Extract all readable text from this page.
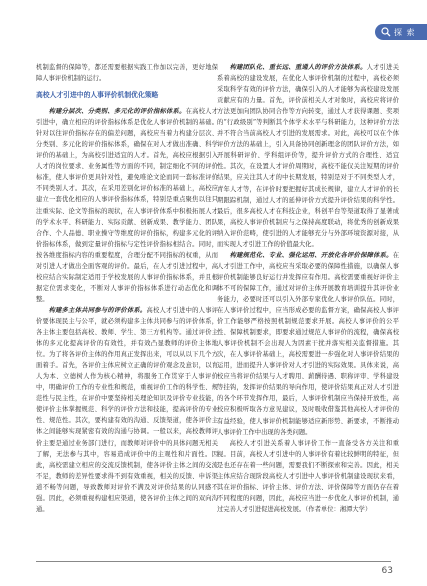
探 索

机制监督的保障等，都还需要根据实践工作加以完善，更好地保障人事评价机制的运行。

高校人才引进中的人事评价机制优化策略

构建分层次、分类别、多元化的评价指标体系。在高校人才引进中，确立相应的评价指标体系是优化人事评价机制的基础。针对以往评价指标存在的偏差问题，高校应当着力构建分层次、分类别、多元化的评价指标体系，确保在对人才做出准确、科学评价的基础上，为高校引进适宜的人才。首先，高校应根据引入人才的岗位要求、业务属性等方面的不同，制定细化不同的评价标准，使人事评价更具针对性，避免唯论文论而同一套标准评价不同类别人才。其次，在采用差别化评价标准的基础上，高校应建立一套优化相应的人事评价指标体系，特别是重点聚焦以往只注重实际、论文等指标的现状，在人事评价体系中积极拓展人才的学术水平、科研能力、实际贡献、创新成果、教学能力、团队合作、个人品德、职业操守等维度的评价指标，构建多元化的评价指标体系，做到定量评价指标与定性评价指标相结合。同时，按各维度指标内容的重要程度，合理分配不同指标的权重，从而对引进人才做出全面客观的评价。最后，在人才引进过程中，高校应结合实际制定适用于学校发展的人事评价指标体系，并且根据定位需求变化，不断对人事评价指标体系进行动态优化和调整。

构建多主体共同参与的评价体系。高校人才引进中的人事评价要体现民主与公平，就必须构建多主体共同参与的评价体系，各主体主要包括高校、教师、学生、第三方机构等。通过评价主体的多元化提高评价的有效性，并有效凸显教师的评价主体地位。为了将各评价主体的作用真正发挥出来，可以从以下几个方面着手。首先，各评价主体应树立正确的评价观念及意识，以育人为本、立德树人作为核心精神，将服务工作贯穿于人事评价中，明确评价工作的专业性和规范，重视评价工作的科学性、规范性与民主性，在评价中要坚持相关理论知识及评价专业技能，使评价主体掌握规范、科学的评价方法和技能，提高评价的专业性、规范性。其次，要构建有效的沟通、反馈渠道，使各评价主体之间能够实现紧密有效的沟通与协调。一般以来，高校教师评价主要是通过业务部门进行，而教师对评价中的具体问题无相关了解，无法参与其中，容易造成评价中的主观性和片面性。因此，高校需建立相应的交流反馈机制，使各评价主体之间的交流不足，教师的差异性要求得不到有效重视，相关的反馈、申诉渠道不畅等问题，导致教师对评价不满及对评价结果的认同感不强。因此，必须重视构建相应渠道，使各评价主体之间的双向沟通。

构建团队化、重长远、重通人的评价方法体系。人才引进关系着高校的建设发展，在优化人事评价机制的过程中，高校必须采取科学有效的评价方法，确保引入的人才能够为高校建设发展贡献应有的力量。首先，评价前相关人才对象时，高校应将评价方法更加向团队协同合作等方向转变，通过人才获得课题、奖项的“行政级别”等判断其个体学术水平与科研能力，这种评价方法并不符合当前高校人才引进的发展需求。对此，高校可以在个体评价方法的基础上，引入具备协同创新理念的团队评价方法，如开展科研评价、学科组评价等，提升评价方式的合理性、适宜性。其次，在设置人才评价周期时，高校不能仅关注短期的评价结果，应关注其人才的中长期发展，特别是对于不同类型人才，青年人才等，在评价时要把握好其成长规律，建立人才评价的长期跟踪机制，通过人才的延伸评价方式提升评价结果的科学性。最后，很多高校人才在科技企业，科创平台等渠道取得了显著成果，高校人事评价机制应与之保持高度联动，将优秀的创新成果纳入评价范畴，使引进的人才能够充分与外部环境资源对接，从而实现人才引进工作的价值最大化。

构建规范化、专业、强化运用、开放化各评价保障体系。在人才引进工作中，高校应当采取必要的保障性措施，以确保人事评价机制能够良好运行并发挥应有作用。高校需要重视好评价主体不可的保障工作，通过对评价主体开展教育培训提升其评价业务能力，必要时还可以引入外部专家优化人事评价队伍。同时，在人事评价过程中，应当形成必要的监督方案，确保高校人事评价工作能够严格按照机制规范要求开展。高校人事评价的公平性、保障机制要求，即要求通过规范人事评价的流程，确保高校人事评价机制不会出现人为因素干扰并落实相关监督措施。其次，在人事评价基础上，高校需要进一步强化对人事评价结果的运用，进而提升人事评价对人才引进的实际效果。具体来说，高校应当将评价结果与人才聘用、薪酬待遇、职称评审、学科建设等挂钩，发挥评价结果的导向作用，使评价结果真正对人才引进的各个环节发挥作用，最后，人事评价机制应当保持开放性，高校应积极听取各方意见建议，及时吸收借鉴其他高校人才评价的有益经验，使人事评价机制能够适应新形势、新要求，不断推动人事评价工作中出现的各类问题。

高校人才引进关系着人事评价工作一直备受各方关注和重视。目前，高校人才引进中的人事评价有着比较鲜明的特征，但是也还存在着一些问题，需要我们不断探索和完善。因此，相关主体应结合现阶段高校人才引进中人事评价机制建设现状来看，其在评价指标、评价主体、评价方法、评价保障等方面仍存在着不同程度的问题，因此，高校应当进一步优化人事评价机制，通过完善人才引进促进高校发展。（作者单位：湘潭大学）

63
